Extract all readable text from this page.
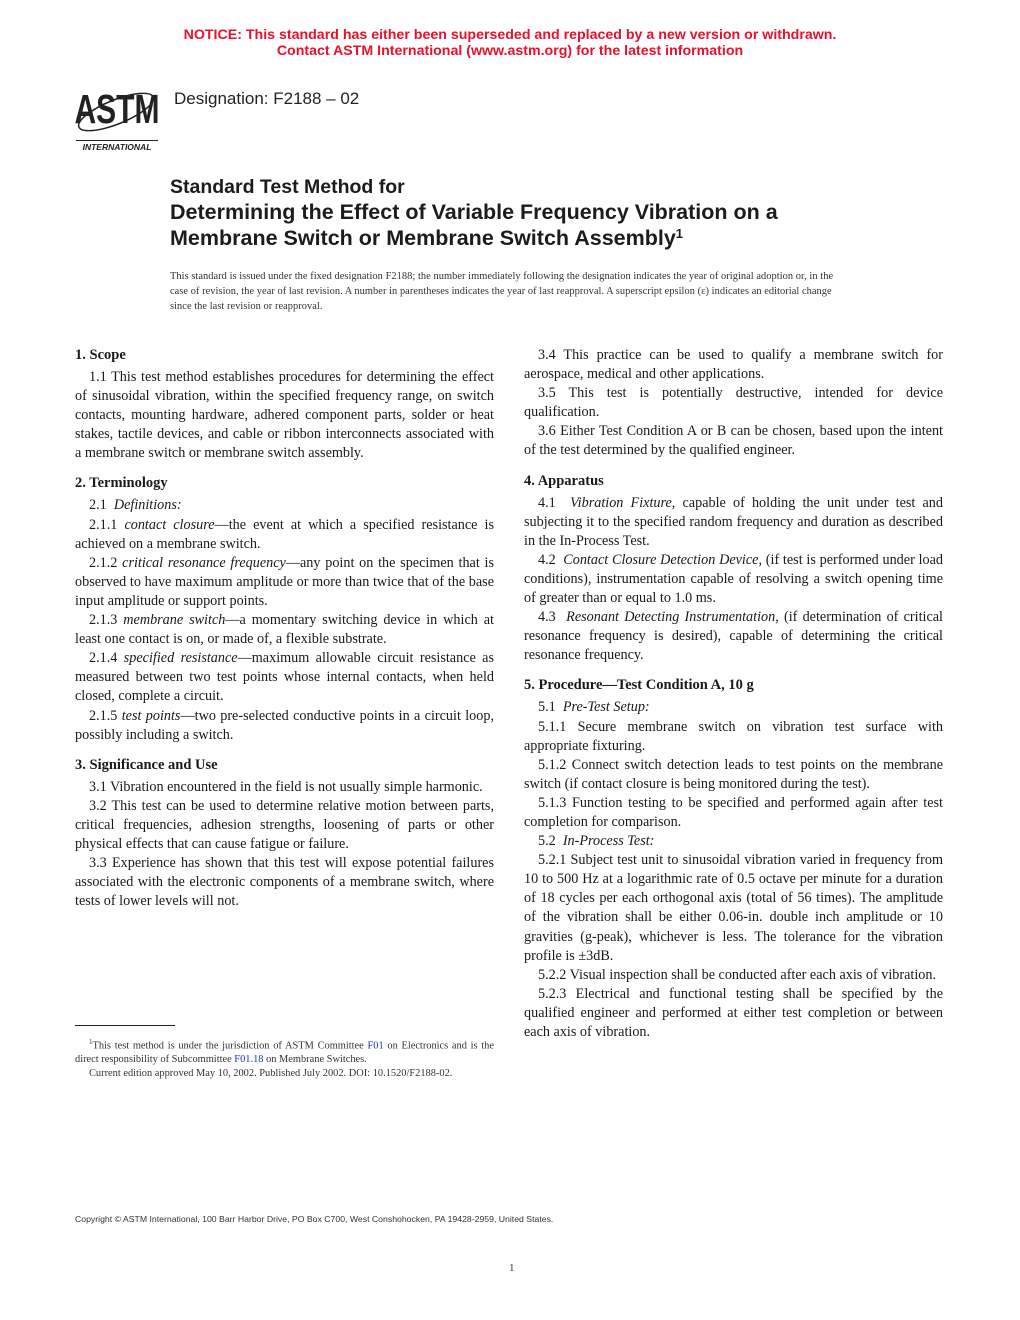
NOTICE: This standard has either been superseded and replaced by a new version or withdrawn.
Contact ASTM International (www.astm.org) for the latest information
ASTM
INTERNATIONAL
Designation: F2188 – 02
Standard Test Method for
Determining the Effect of Variable Frequency Vibration on a
Membrane Switch or Membrane Switch Assembly$^1$
This standard is issued under the fixed designation F2188; the number immediately following the designation indicates the year of original adoption or, in the case of revision, the year of last revision. A number in parentheses indicates the year of last reapproval. A superscript epsilon (ε) indicates an editorial change since the last revision or reapproval.
1. Scope

1.1 This test method establishes procedures for determining the effect of sinusoidal vibration, within the specified frequency range, on switch contacts, mounting hardware, adhered component parts, solder or heat stakes, tactile devices, and cable or ribbon interconnects associated with a membrane switch or membrane switch assembly.

2. Terminology

2.1 Definitions:

2.1.1 contact closure—the event at which a specified resistance is achieved on a membrane switch.

2.1.2 critical resonance frequency—any point on the specimen that is observed to have maximum amplitude or more than twice that of the base input amplitude or support points.

2.1.3 membrane switch—a momentary switching device in which at least one contact is on, or made of, a flexible substrate.

2.1.4 specified resistance—maximum allowable circuit resistance as measured between two test points whose internal contacts, when held closed, complete a circuit.

2.1.5 test points—two pre-selected conductive points in a circuit loop, possibly including a switch.

3. Significance and Use

3.1 Vibration encountered in the field is not usually simple harmonic.

3.2 This test can be used to determine relative motion between parts, critical frequencies, adhesion strengths, loosening of parts or other physical effects that can cause fatigue or failure.

3.3 Experience has shown that this test will expose potential failures associated with the electronic components of a membrane switch, where tests of lower levels will not.

$^1$This test method is under the jurisdiction of ASTM Committee F01 on Electronics and is the direct responsibility of Subcommittee F01.18 on Membrane Switches.

Current edition approved May 10, 2002. Published July 2002. DOI: 10.1520/F2188-02.

3.4 This practice can be used to qualify a membrane switch for aerospace, medical and other applications.

3.5 This test is potentially destructive, intended for device qualification.

3.6 Either Test Condition A or B can be chosen, based upon the intent of the test determined by the qualified engineer.

4. Apparatus

4.1 Vibration Fixture, capable of holding the unit under test and subjecting it to the specified random frequency and duration as described in the In-Process Test.

4.2 Contact Closure Detection Device, (if test is performed under load conditions), instrumentation capable of resolving a switch opening time of greater than or equal to 1.0 ms.

4.3 Resonant Detecting Instrumentation, (if determination of critical resonance frequency is desired), capable of determining the critical resonance frequency.

5. Procedure—Test Condition A, 10 g

5.1 Pre-Test Setup:

5.1.1 Secure membrane switch on vibration test surface with appropriate fixturing.

5.1.2 Connect switch detection leads to test points on the membrane switch (if contact closure is being monitored during the test).

5.1.3 Function testing to be specified and performed again after test completion for comparison.

5.2 In-Process Test:

5.2.1 Subject test unit to sinusoidal vibration varied in frequency from 10 to 500 Hz at a logarithmic rate of 0.5 octave per minute for a duration of 18 cycles per each orthogonal axis (total of 56 times). The amplitude of the vibration shall be either 0.06-in. double inch amplitude or 10 gravities (g-peak), whichever is less. The tolerance for the vibration profile is ±3dB.

5.2.2 Visual inspection shall be conducted after each axis of vibration.

5.2.3 Electrical and functional testing shall be specified by the qualified engineer and performed at either test completion or between each axis of vibration.

Copyright © ASTM International, 100 Barr Harbor Drive, PO Box C700, West Conshohocken, PA 19428-2959, United States.
1
